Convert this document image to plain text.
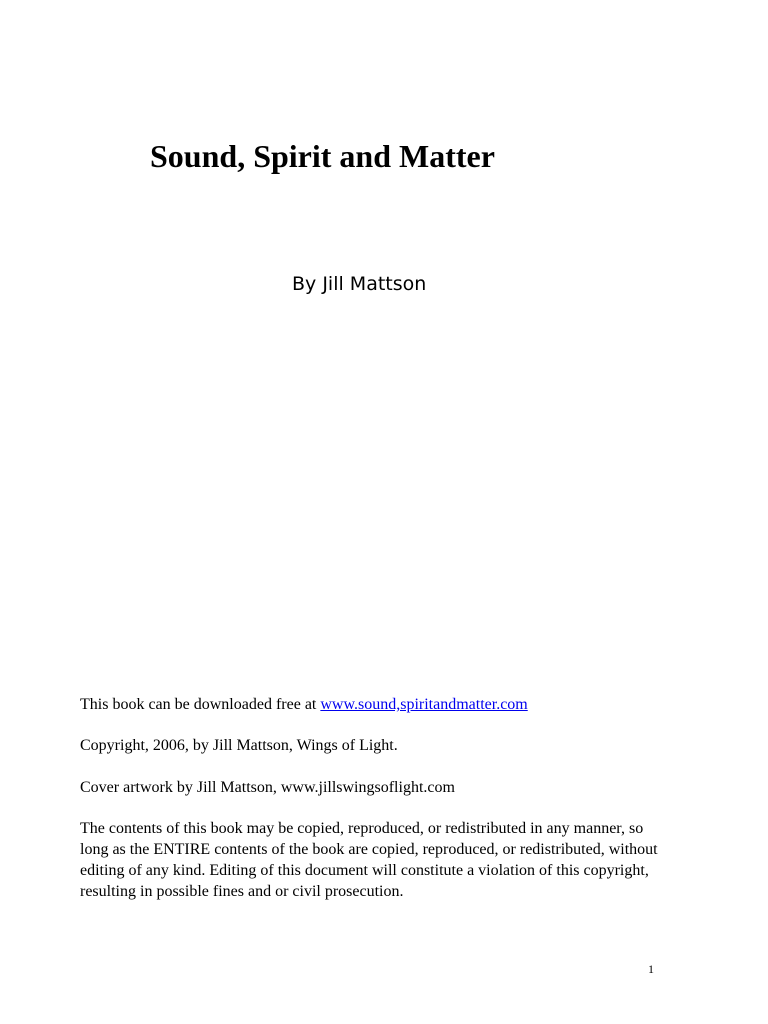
Sound, Spirit and Matter
By Jill Mattson
This book can be downloaded free at www.sound,spiritandmatter.com
Copyright, 2006, by Jill Mattson, Wings of Light.
Cover artwork by Jill Mattson, www.jillswingsoflight.com
The contents of this book may be copied, reproduced, or redistributed in any manner, so long as the ENTIRE contents of the book are copied, reproduced, or redistributed, without editing of any kind. Editing of this document will constitute a violation of this copyright, resulting in possible fines and or civil prosecution.
1
